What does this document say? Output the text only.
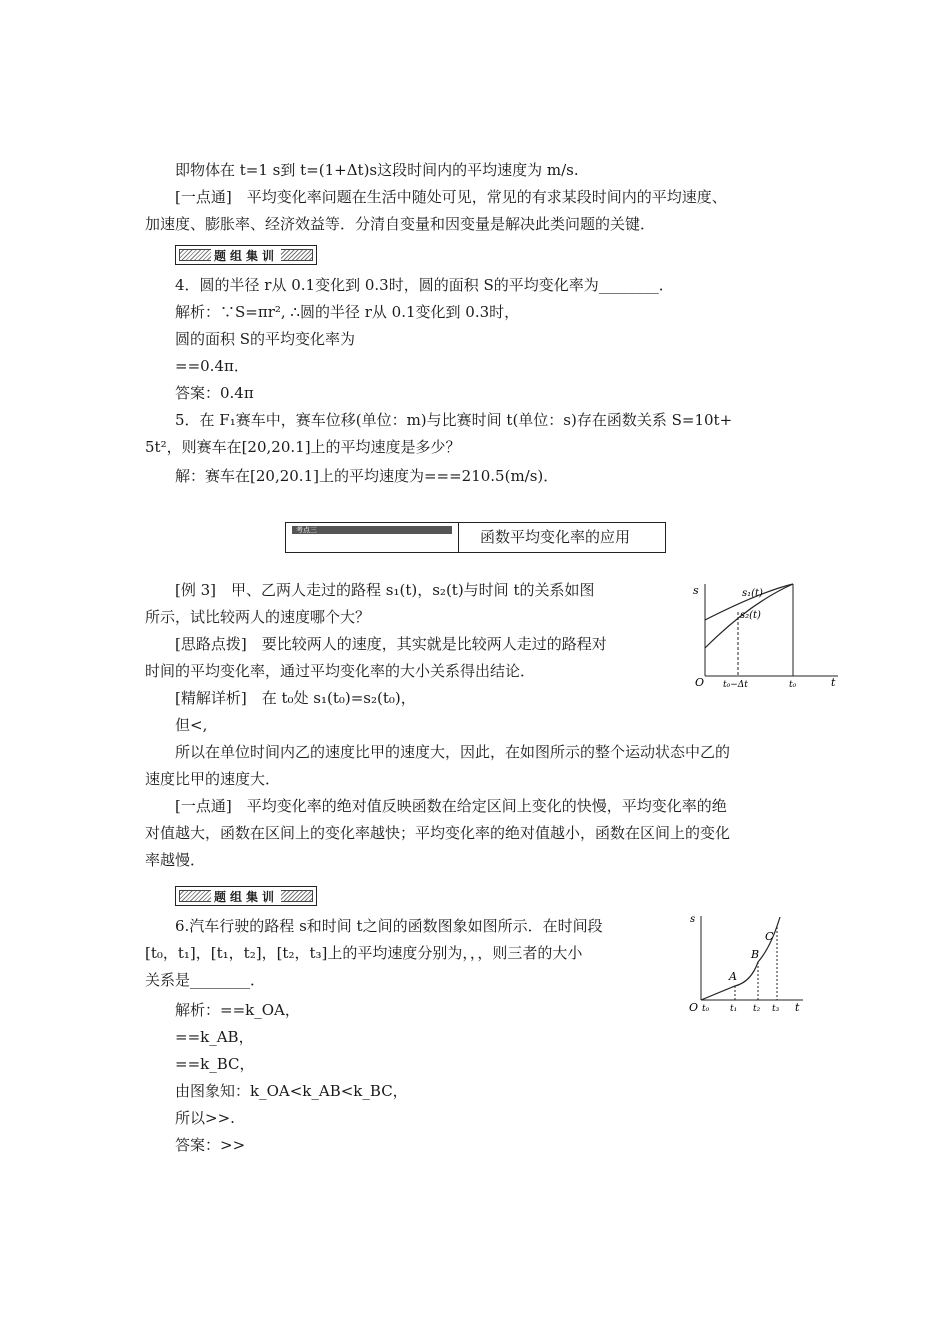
即物体在 t=1 s到 t=(1+Δt)s这段时间内的平均速度为 m/s.
[一点通]　平均变化率问题在生活中随处可见，常见的有求某段时间内的平均速度、
加速度、膨胀率、经济效益等．分清自变量和因变量是解决此类问题的关键．
题组集训
4．圆的半径 r从 0.1变化到 0.3时，圆的面积 S的平均变化率为________．
解析：∵S=πr², ∴圆的半径 r从 0.1变化到 0.3时，
圆的面积 S的平均变化率为
==0.4π．
答案：0.4π
5．在 F₁赛车中，赛车位移(单位：m)与比赛时间 t(单位：s)存在函数关系 S=10t+
5t²，则赛车在[20,20.1]上的平均速度是多少？
解：赛车在[20,20.1]上的平均速度为===210.5(m/s)．
考点三	函数平均变化率的应用
[例 3]　甲、乙两人走过的路程 s₁(t)，s₂(t)与时间 t的关系如图
所示，试比较两人的速度哪个大？
[思路点拨]　要比较两人的速度，其实就是比较两人走过的路程对
时间的平均变化率，通过平均变化率的大小关系得出结论．
[精解详析]　在 t₀处 s₁(t₀)=s₂(t₀)，
但<,
所以在单位时间内乙的速度比甲的速度大，因此，在如图所示的整个运动状态中乙的
速度比甲的速度大．
[一点通]　平均变化率的绝对值反映函数在给定区间上变化的快慢，平均变化率的绝
对值越大，函数在区间上的变化率越快；平均变化率的绝对值越小，函数在区间上的变化
率越慢．
s
O	t
s₁(t)
s₂(t)
t₀−Δt	t₀
题组集训
6.汽车行驶的路程 s和时间 t之间的函数图象如图所示．在时间段
[t₀，t₁]，[t₁，t₂]，[t₂，t₃]上的平均速度分别为，，，则三者的大小
关系是________．
解析：==k_OA，
==k_AB，
==k_BC，
由图象知：k_OA<k_AB<k_BC，
所以>>.
答案：>>
s
O	t
A
B
C
t₀ t₁ t₂ t₃
